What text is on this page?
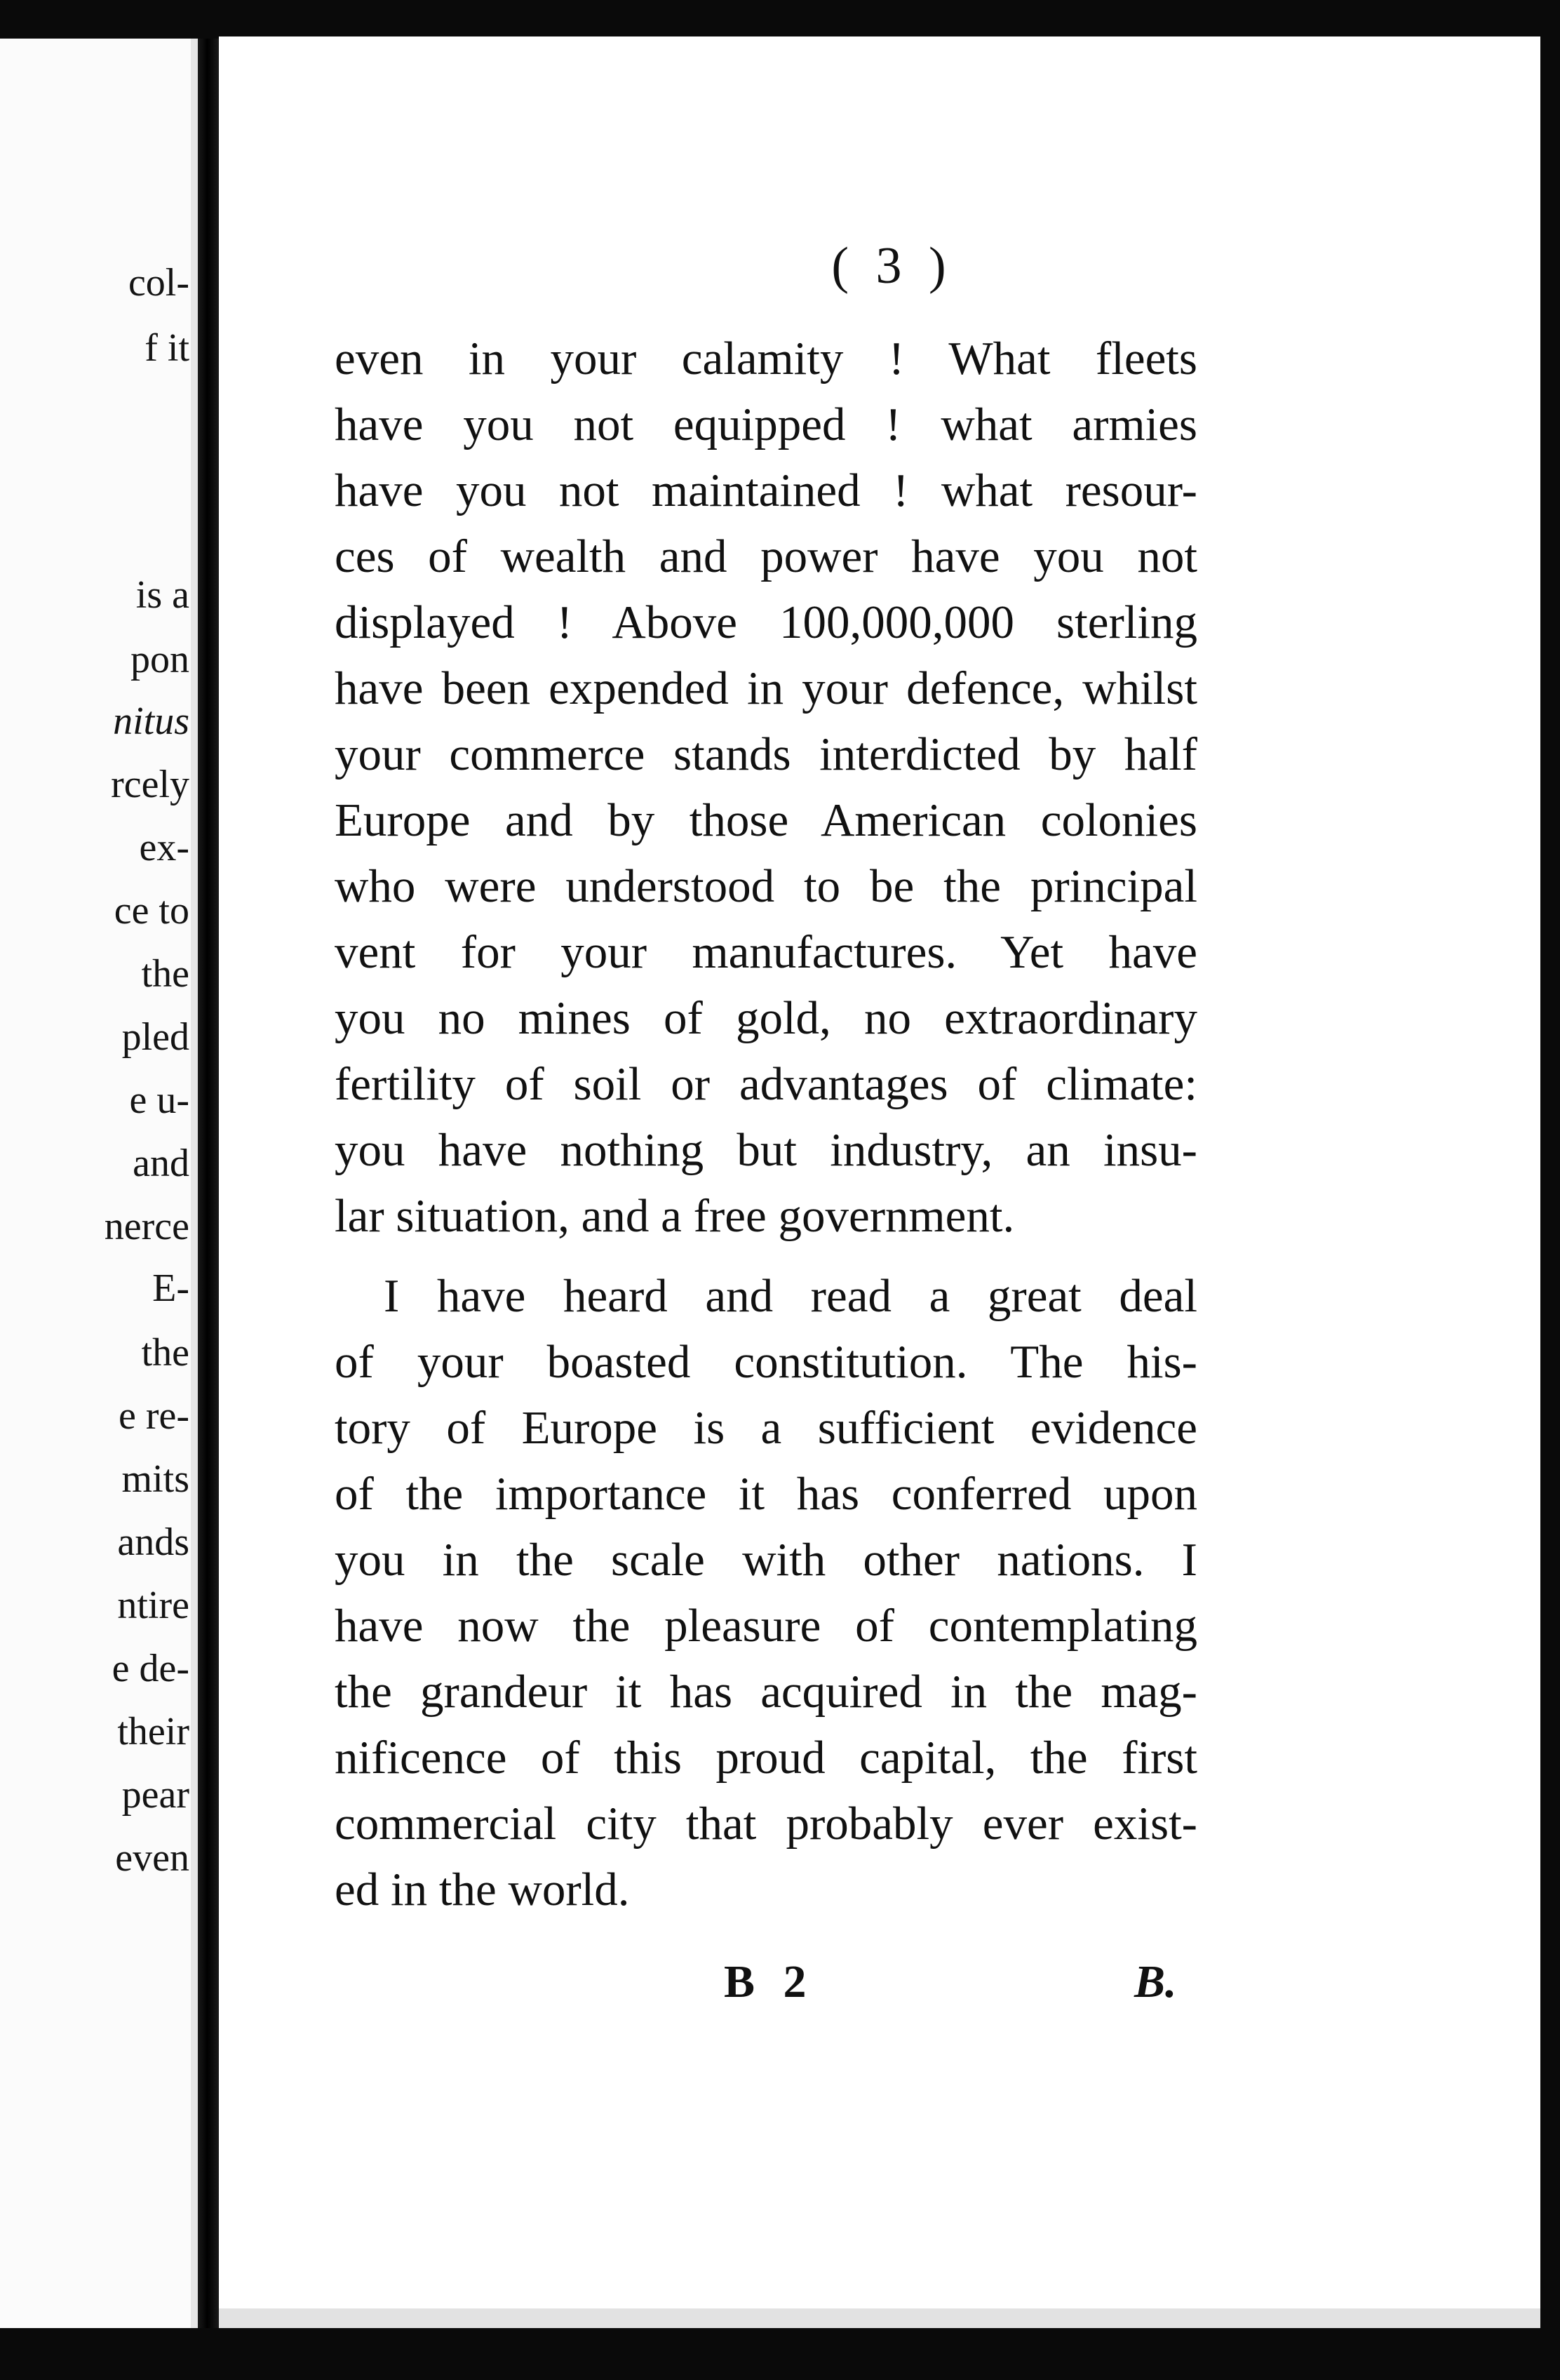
col-
f it
is a
pon
nitus
rcely
ex-
ce to
the
pled
e u-
and
nerce
E-
the
e re-
mits
ands
ntire
e de-
their
pear
even
( 3 )
even in your calamity ! What fleets
have you not equipped ! what armies
have you not maintained ! what resour-
ces of wealth and power have you not
displayed ! Above 100,000,000 sterling
have been expended in your defence, whilst
your commerce stands interdicted by half
Europe and by those American colonies
who were understood to be the principal
vent for your manufactures. Yet have
you no mines of gold, no extraordinary
fertility of soil or advantages of climate:
you have nothing but industry, an insu-
lar situation, and a free government.
I have heard and read a great deal
of your boasted constitution. The his-
tory of Europe is a sufficient evidence
of the importance it has conferred upon
you in the scale with other nations. I
have now the pleasure of contemplating
the grandeur it has acquired in the mag-
nificence of this proud capital, the first
commercial city that probably ever exist-
ed in the world.
B 2	B.
